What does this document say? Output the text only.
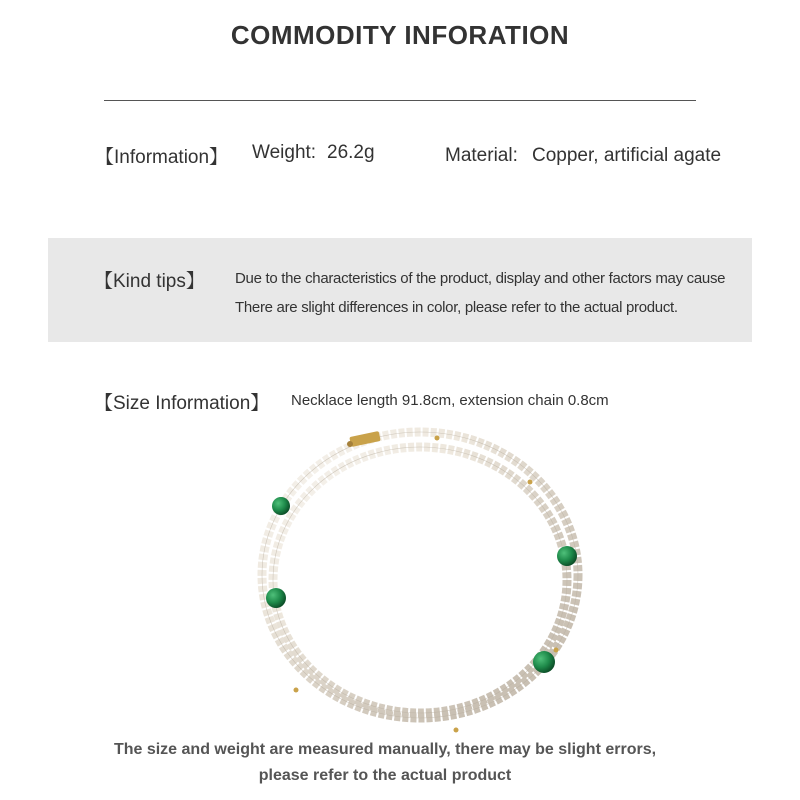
COMMODITY INFORATION
【Information】 Weight: 26.2g	Material: Copper, artificial agate
【Kind tips】 Due to the characteristics of the product, display and other factors may cause
There are slight differences in color, please refer to the actual product.
【Size Information】 Necklace length 91.8cm, extension chain 0.8cm
The size and weight are measured manually, there may be slight errors,
please refer to the actual product
